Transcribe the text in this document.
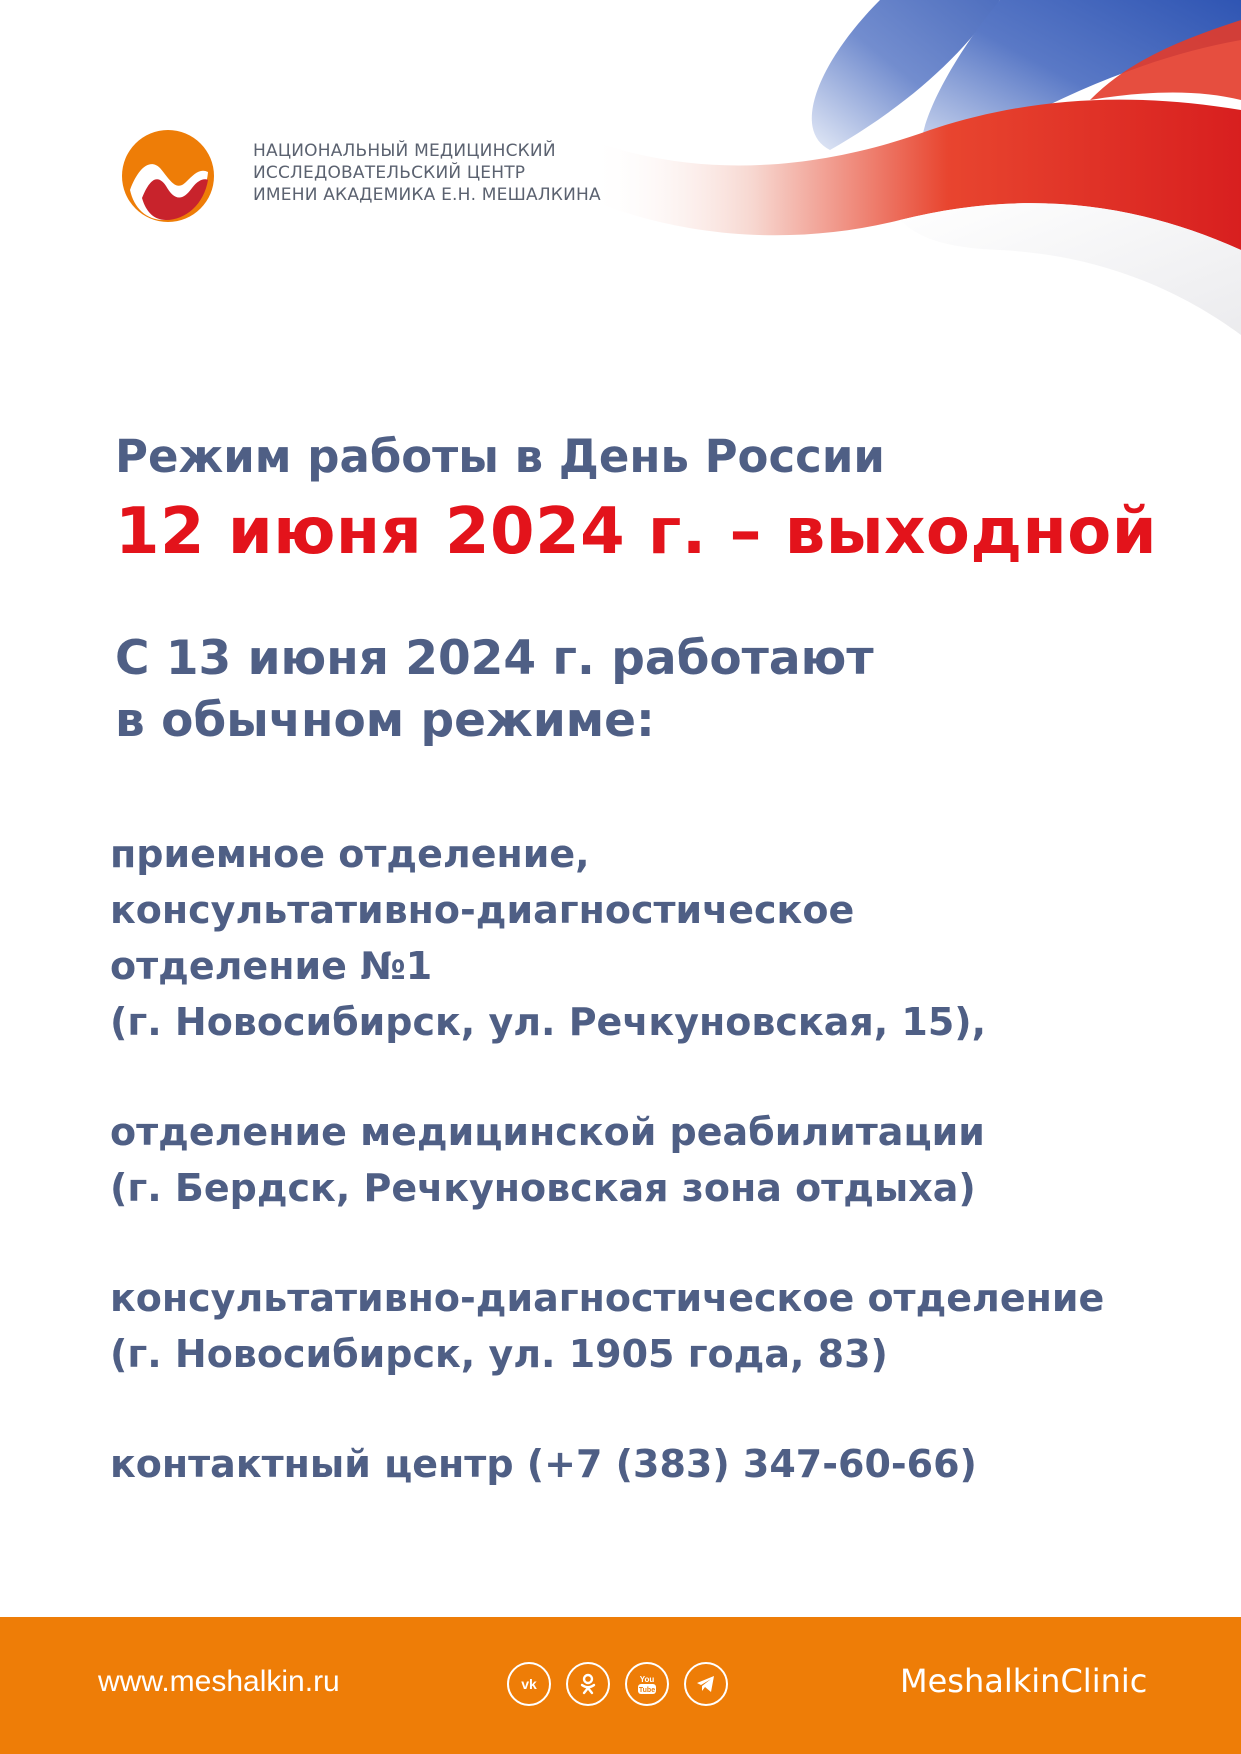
НАЦИОНАЛЬНЫЙ МЕДИЦИНСКИЙ
ИССЛЕДОВАТЕЛЬСКИЙ ЦЕНТР
ИМЕНИ АКАДЕМИКА Е.Н. МЕШАЛКИНА
Режим работы в День России
12 июня 2024 г. – выходной
С 13 июня 2024 г. работают
в обычном режиме:
приемное отделение,
консультативно-диагностическое
отделение №1
(г. Новосибирск, ул. Речкуновская, 15),
отделение медицинской реабилитации
(г. Бердск, Речкуновская зона отдыха)
консультативно-диагностическое отделение
(г. Новосибирск, ул. 1905 года, 83)
контактный центр (+7 (383) 347-60-66)
www.meshalkin.ru	vk	You
Tube	MeshalkinClinic
